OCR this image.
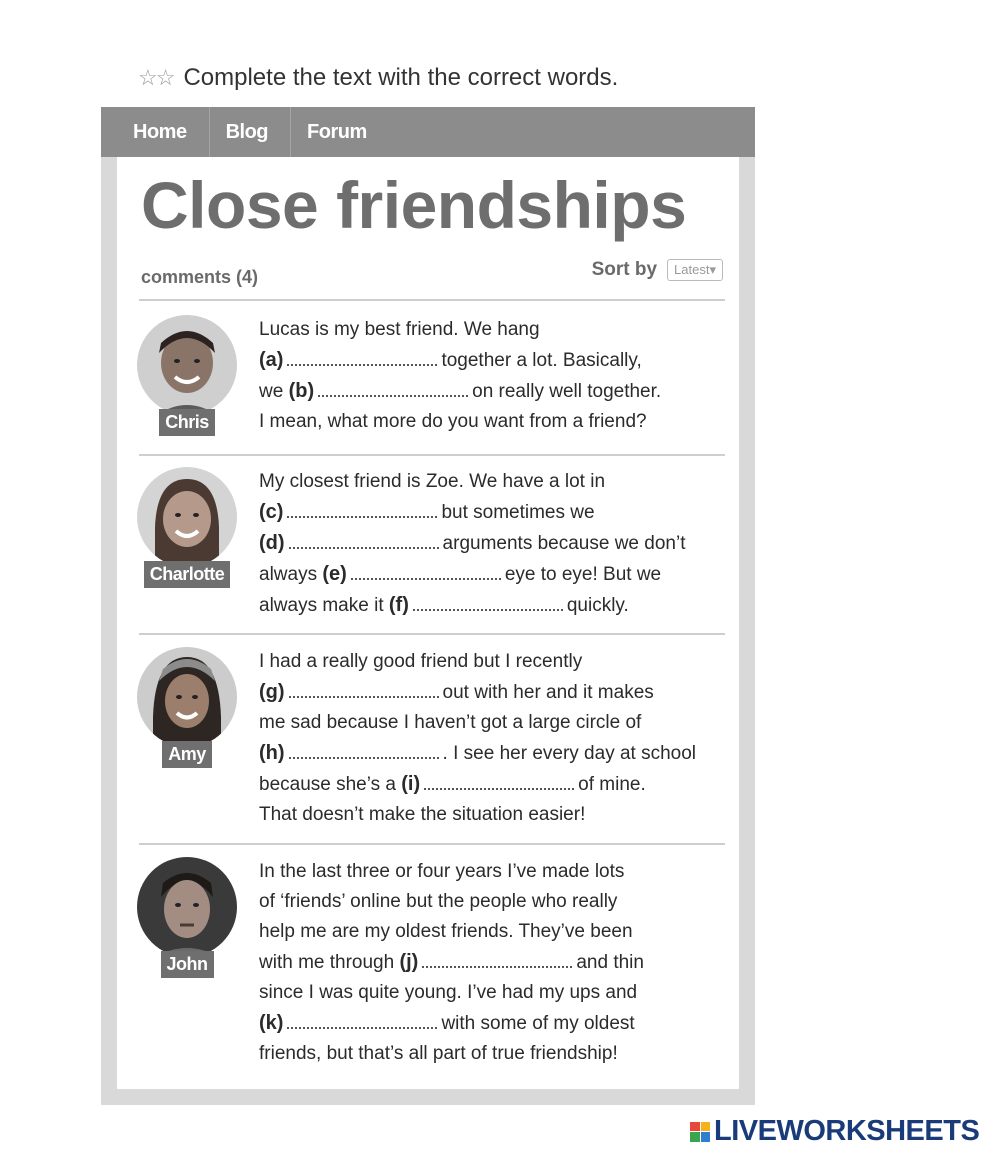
☆☆ Complete the text with the correct words.
Home	Blog	Forum
Close friendships
comments (4)	Sort by	Latest▾
Chris
Lucas is my best friend. We hang
(a)	together a lot. Basically,
we (b)	on really well together.
I mean, what more do you want from a friend?
Charlotte
My closest friend is Zoe. We have a lot in
(c)	but sometimes we
(d)	arguments because we don’t
always (e)	eye to eye! But we
always make it (f)	quickly.
Amy
I had a really good friend but I recently
(g)	out with her and it makes
me sad because I haven’t got a large circle of
(h)	. I see her every day at school
because she’s a (i)	of mine.
That doesn’t make the situation easier!
John
In the last three or four years I’ve made lots
of ‘friends’ online but the people who really
help me are my oldest friends. They’ve been
with me through (j)	and thin
since I was quite young. I’ve had my ups and
(k)	with some of my oldest
friends, but that’s all part of true friendship!
LIVEWORKSHEETS
